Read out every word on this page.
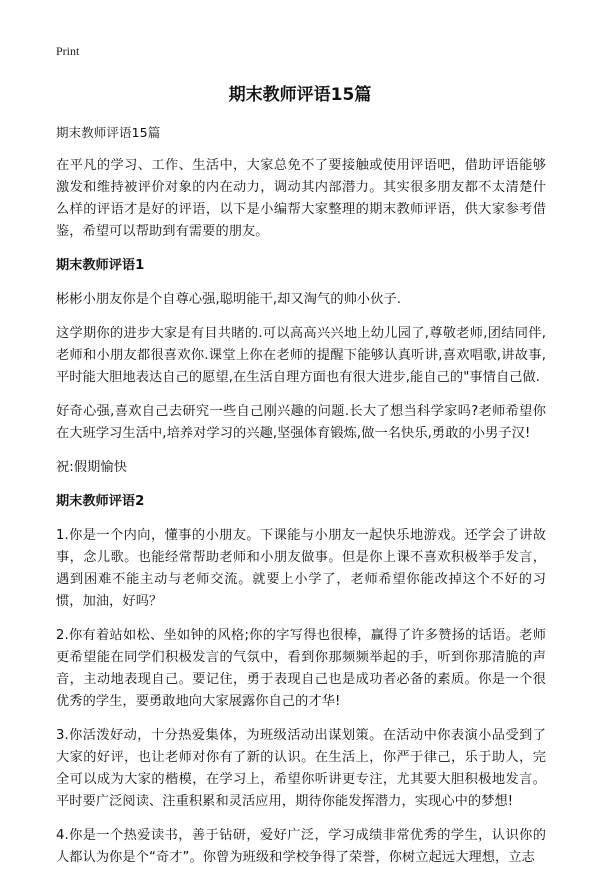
Print
期末教师评语15篇
期末教师评语15篇
在平凡的学习、工作、生活中，大家总免不了要接触或使用评语吧，借助评语能够激发和维持被评价对象的内在动力，调动其内部潜力。其实很多朋友都不太清楚什么样的评语才是好的评语，以下是小编帮大家整理的期末教师评语，供大家参考借鉴，希望可以帮助到有需要的朋友。
期末教师评语1
彬彬小朋友你是个自尊心强,聪明能干,却又淘气的帅小伙子.
这学期你的进步大家是有目共睹的.可以高高兴兴地上幼儿园了,尊敬老师,团结同伴,老师和小朋友都很喜欢你.课堂上你在老师的提醒下能够认真听讲,喜欢唱歌,讲故事,平时能大胆地表达自己的愿望,在生活自理方面也有很大进步,能自己的"事情自己做.
好奇心强,喜欢自己去研究一些自己刚兴趣的问题.长大了想当科学家吗?老师希望你在大班学习生活中,培养对学习的兴趣,坚强体育锻炼,做一名快乐,勇敢的小男子汉!
祝:假期愉快
期末教师评语2
1.你是一个内向，懂事的小朋友。下课能与小朋友一起快乐地游戏。还学会了讲故事，念儿歌。也能经常帮助老师和小朋友做事。但是你上课不喜欢积极举手发言，遇到困难不能主动与老师交流。就要上小学了，老师希望你能改掉这个不好的习惯，加油，好吗？
2.你有着站如松、坐如钟的风格;你的字写得也很棒，赢得了许多赞扬的话语。老师更希望能在同学们积极发言的气氛中，看到你那频频举起的手，听到你那清脆的声音，主动地表现自己。要记住，勇于表现自己也是成功者必备的素质。你是一个很优秀的学生，要勇敢地向大家展露你自己的才华!
3.你活泼好动，十分热爱集体，为班级活动出谋划策。在活动中你表演小品受到了大家的好评，也让老师对你有了新的认识。在生活上，你严于律己，乐于助人，完全可以成为大家的楷模，在学习上，希望你听讲更专注，尤其要大胆积极地发言。平时要广泛阅读、注重积累和灵活应用，期待你能发挥潜力，实现心中的梦想!
4.你是一个热爱读书，善于钻研，爱好广泛，学习成绩非常优秀的学生，认识你的人都认为你是个“奇才”。你曾为班级和学校争得了荣誉，你树立起远大理想，立志
